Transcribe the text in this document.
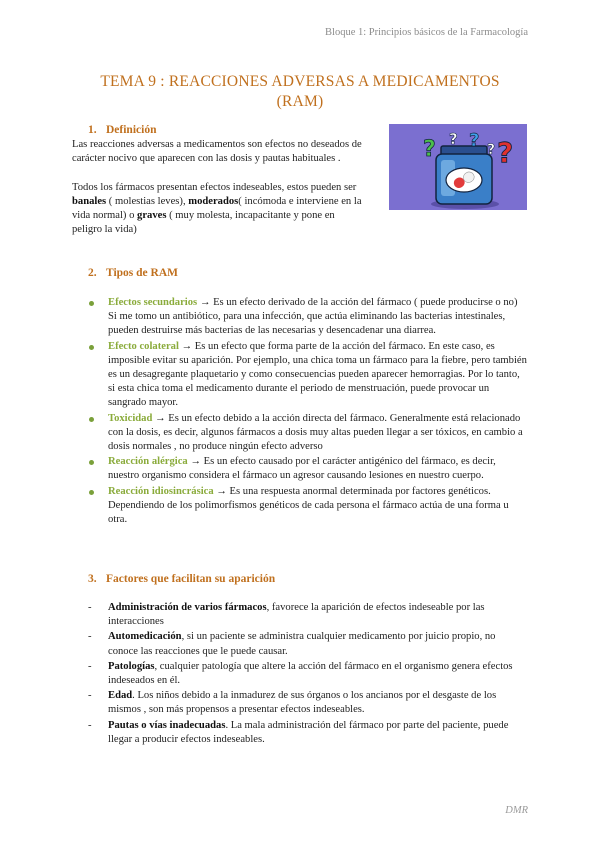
Bloque 1: Principios básicos de la Farmacología
TEMA 9 : REACCIONES ADVERSAS A MEDICAMENTOS
(RAM)
1. Definición
Las reacciones adversas a medicamentos son efectos no deseados de carácter nocivo que aparecen con las dosis y pautas habituales .
Todos los fármacos presentan efectos indeseables, estos pueden ser banales ( molestias leves), moderados( incómoda e interviene en la vida normal) o graves ( muy molesta, incapacitante y pone en peligro la vida)
? ? ? ? ?
2. Tipos de RAM
Efectos secundarios → Es un efecto derivado de la acción del fármaco ( puede producirse o no) Si me tomo un antibiótico, para una infección, que actúa eliminando las bacterias intestinales, pueden destruirse más bacterias de las necesarias y desencadenar una diarrea.
Efecto colateral → Es un efecto que forma parte de la acción del fármaco. En este caso, es imposible evitar su aparición. Por ejemplo, una chica toma un fármaco para la fiebre, pero también es un desagregante plaquetario y como consecuencias pueden aparecer hemorragias. Por lo tanto, si esta chica toma el medicamento durante el periodo de menstruación, puede provocar un sangrado mayor.
Toxicidad → Es un efecto debido a la acción directa del fármaco. Generalmente está relacionado con la dosis, es decir, algunos fármacos a dosis muy altas pueden llegar a ser tóxicos, en cambio a dosis normales , no produce ningún efecto adverso
Reacción alérgica → Es un efecto causado por el carácter antigénico del fármaco, es decir, nuestro organismo considera el fármaco un agresor causando lesiones en nuestro cuerpo.
Reacción idiosincrásica → Es una respuesta anormal determinada por factores genéticos. Dependiendo de los polimorfismos genéticos de cada persona el fármaco actúa de una forma u otra.
3. Factores que facilitan su aparición
- Administración de varios fármacos, favorece la aparición de efectos indeseable por las interacciones
- Automedicación, si un paciente se administra cualquier medicamento por juicio propio, no conoce las reacciones que le puede causar.
- Patologías, cualquier patología que altere la acción del fármaco en el organismo genera efectos indeseados en él.
- Edad. Los niños debido a la inmadurez de sus órganos o los ancianos por el desgaste de los mismos , son más propensos a presentar efectos indeseables.
- Pautas o vías inadecuadas. La mala administración del fármaco por parte del paciente, puede llegar a producir efectos indeseables.
DMR
